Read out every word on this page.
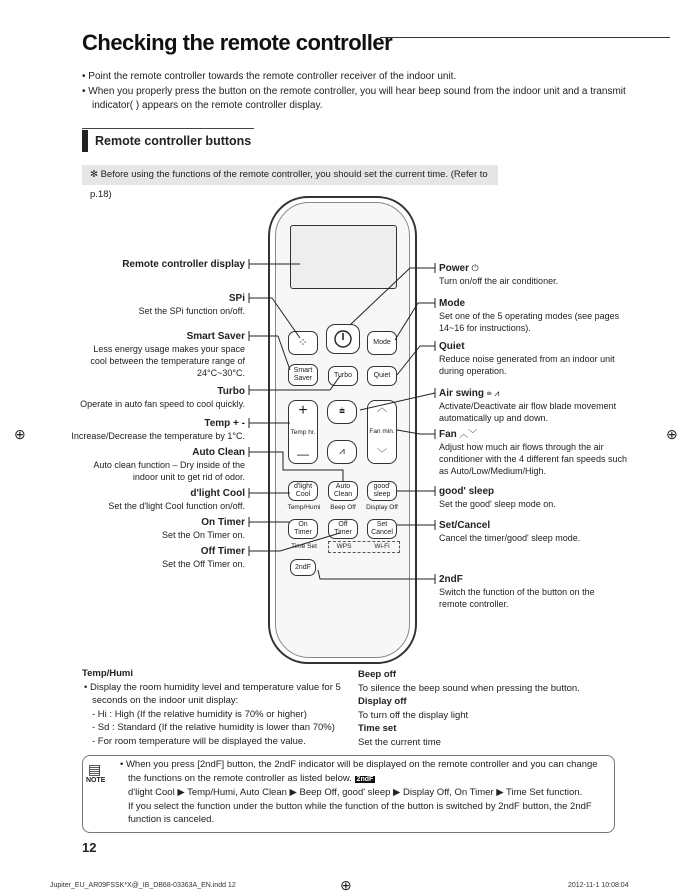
Checking the remote controller
• Point the remote controller towards the remote controller receiver of the indoor unit.
• When you properly press the button on the remote controller, you will hear beep sound from the indoor unit and a transmit indicator( ) appears on the remote controller display.
Remote controller buttons
✻ Before using the functions of the remote controller, you should set the current time. (Refer to p.18)
⁘	Mode
Smart Saver	Turbo	Quiet
+
Temp hr.
—
⩧
⩘
︿
Fan min.
﹀
d'light Cool
Auto Clean
good' sleep
Temp/Humi	Beep Off	Display Off
On Timer
Off Timer
Set Cancel
Time Set	WPS	Wi-Fi
2ndF
Remote controller display
SPi
Set the SPi function on/off.
Smart Saver
Less energy usage makes your space cool between the temperature range of 24°C~30°C.
Turbo
Operate in auto fan speed to cool quickly.
Temp + -
Increase/Decrease the temperature by 1°C.
Auto Clean
Auto clean function – Dry inside of the indoor unit to get rid of odor.
d'light Cool
Set the d'light Cool function on/off.
On Timer
Set the On Timer on.
Off Timer
Set the Off Timer on.
Power ⏻
Turn on/off the air conditioner.
Mode
Set one of the 5 operating modes (see pages 14~16 for instructions).
Quiet
Reduce noise generated from an indoor unit during operation.
Air swing ⩧ ⩘
Activate/Deactivate air flow blade movement automatically up and down.
Fan ︿﹀
Adjust how much air flows through the air conditioner with the 4 different fan speeds such as Auto/Low/Medium/High.
good' sleep
Set the good' sleep mode on.
Set/Cancel
Cancel the timer/good' sleep mode.
2ndF
Switch the function of the button on the remote controller.
Temp/Humi
• Display the room humidity level and temperature value for 5 seconds on the indoor unit display:
- Hi : High (If the relative humidity is 70% or higher)
- Sd : Standard (If the relative humidity is lower than 70%)
- For room temperature will be displayed the value.
Beep off
To silence the beep sound when pressing the button.
Display off
To turn off the display light
Time set
Set the current time
▤
NOTE
• When you press [2ndF] button, the 2ndF indicator will be displayed on the remote controller and you can change the functions on the remote controller as listed below. 2ndF
d'light Cool ▶ Temp/Humi, Auto Clean ▶ Beep Off, good' sleep ▶ Display Off, On Timer ▶ Time Set function.
If you select the function under the button while the function of the button is switched by 2ndF button, the 2ndF function is canceled.
12
⊕	⊕
⊕
Jupiter_EU_AR09FSSK*X@_IB_DB68-03363A_EN.indd 12	2012-11-1 10:08:04
